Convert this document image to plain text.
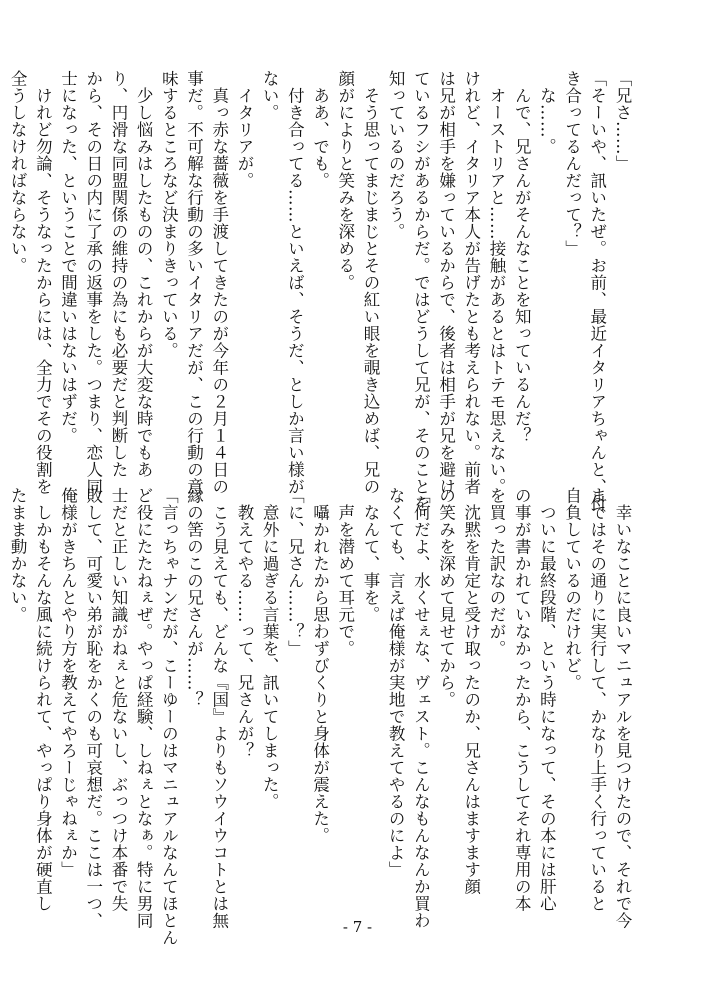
「兄さ……」
「そーいや、訊いたぜ。お前、最近イタリアちゃんと、付
き合ってるんだって？」
　な……。
　んで、兄さんがそんなことを知っているんだ？
　オーストリアと……接触があるとはトテモ思えない。
けれど、イタリア本人が告げたとも考えられない。前者
は兄が相手を嫌っているからで、後者は相手が兄を避け
ているフシがあるからだ。ではどうして兄が、そのことを
知っているのだろう。
　そう思ってまじまじとその紅い眼を覗き込めば、兄の
顔がによりと笑みを深める。
　ああ、でも。
　付き合ってる……といえば、そうだ、としか言い様が
ない。
　イタリアが。
　真っ赤な薔薇を手渡してきたのが今年の２月１４日の
事だ。不可解な行動の多いイタリアだが、この行動の意
味するところなど決まりきっている。
　少し悩みはしたものの、これからが大変な時でもあ
り、円滑な同盟関係の維持の為にも必要だと判断した
から、その日の内に了承の返事をした。つまり、恋人同
士になった、ということで間違いはないはずだ。
　けれど勿論、そうなったからには、全力でその役割を
全うしなければならない。
　幸いなことに良いマニュアルを見つけたので、それで今
まではその通りに実行して、かなり上手く行っていると
自負しているのだけれど。
　ついに最終段階、という時になって、その本には肝心
の事が書かれていなかったから、こうしてそれ専用の本
を買った訳なのだが。
　沈黙を肯定と受け取ったのか、兄さんはますます顔
の笑みを深めて見せてから。
「何だよ、水くせぇな、ヴェスト。こんなもんなんか買わ
なくても、言えば俺様が実地で教えてやるのによ」
　なんて、事を。
　声を潜めて耳元で。
　囁かれたから思わずびくりと身体が震えた。
「に、兄さん……？」
　意外に過ぎる言葉を、訊いてしまった。
　教えてやる……って、兄さんが？
　こう見えても、どんな『国』よりもソウイウコトとは無
縁の筈のこの兄さんが……？
「言っちゃナンだが、こーゆーのはマニュアルなんてほとん
ど役にたたねぇぜ。やっぱ経験、しねぇとなぁ。特に男同
士だと正しい知識がねぇと危ないし、ぶっつけ本番で失
敗して、可愛い弟が恥をかくのも可哀想だ。ここは一つ、
俺様がきちんとやり方を教えてやろーじゃねぇか」
　しかもそんな風に続けられて、やっぱり身体が硬直し
たまま動かない。
- 7 -
